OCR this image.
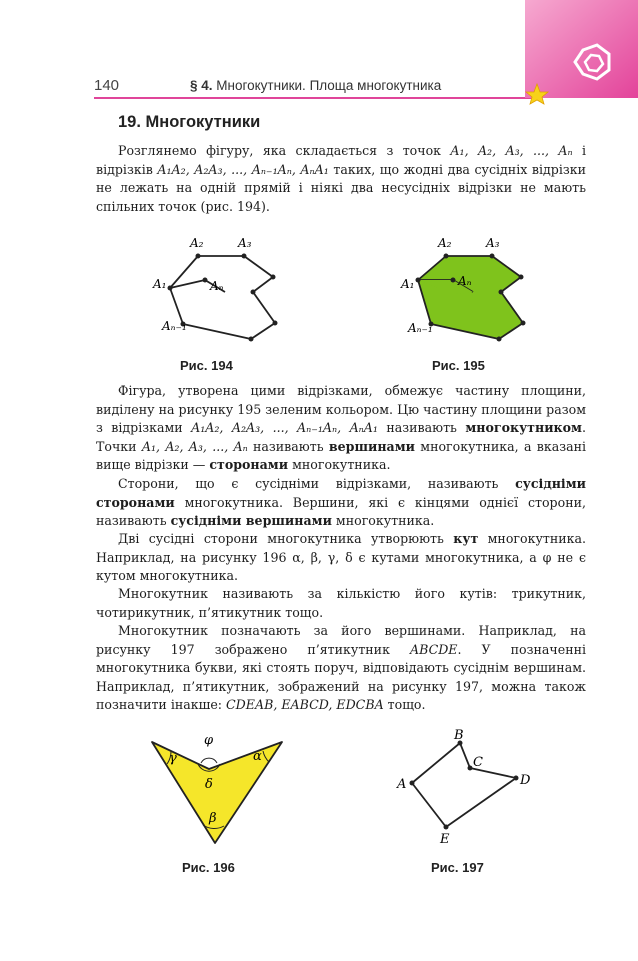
140	§ 4. Многокутники. Площа многокутника
19. Многокутники

Розглянемо фігуру, яка складається з точок A₁, A₂, A₃, ..., Aₙ і відрізків A₁A₂, A₂A₃, ..., Aₙ₋₁Aₙ, AₙA₁ таких, що жодні два сусідніх відрізки не лежать на одній прямій і ніякі два несусідніх відрізки не мають спільних точок (рис. 194).

A₂	A₃
A₁	Aₙ
Aₙ₋₁
Рис. 194
A₂	A₃
A₁	Aₙ
Aₙ₋₁
Рис. 195

Фігура, утворена цими відрізками, обмежує частину площини, виділену на рисунку 195 зеленим кольором. Цю частину площини разом з відрізками A₁A₂, A₂A₃, ..., Aₙ₋₁Aₙ, AₙA₁ називають многокутником. Точки A₁, A₂, A₃, ..., Aₙ називають вершинами многокутника, а вказані вище відрізки — сторонами многокутника.

Сторони, що є сусідніми відрізками, називають сусідніми сторонами многокутника. Вершини, які є кінцями однієї сторони, називають сусідніми вершинами многокутника.

Дві сусідні сторони многокутника утворюють кут многокутника. Наприклад, на рисунку 196 α, β, γ, δ є кутами многокутника, а φ не є кутом многокутника.

Многокутник називають за кількістю його кутів: трикутник, чотирикутник, п’ятикутник тощо.

Многокутник позначають за його вершинами. Наприклад, на рисунку 197 зображено п’ятикутник ABCDE. У позначенні многокутника букви, які стоять поруч, відповідають сусіднім вершинам. Наприклад, п’ятикутник, зображений на рисунку 197, можна також позначити інакше: CDEAB, EABCD, EDCBA тощо.

φ
γ	α
δ
β
Рис. 196
A
B
C
D
E
Рис. 197
